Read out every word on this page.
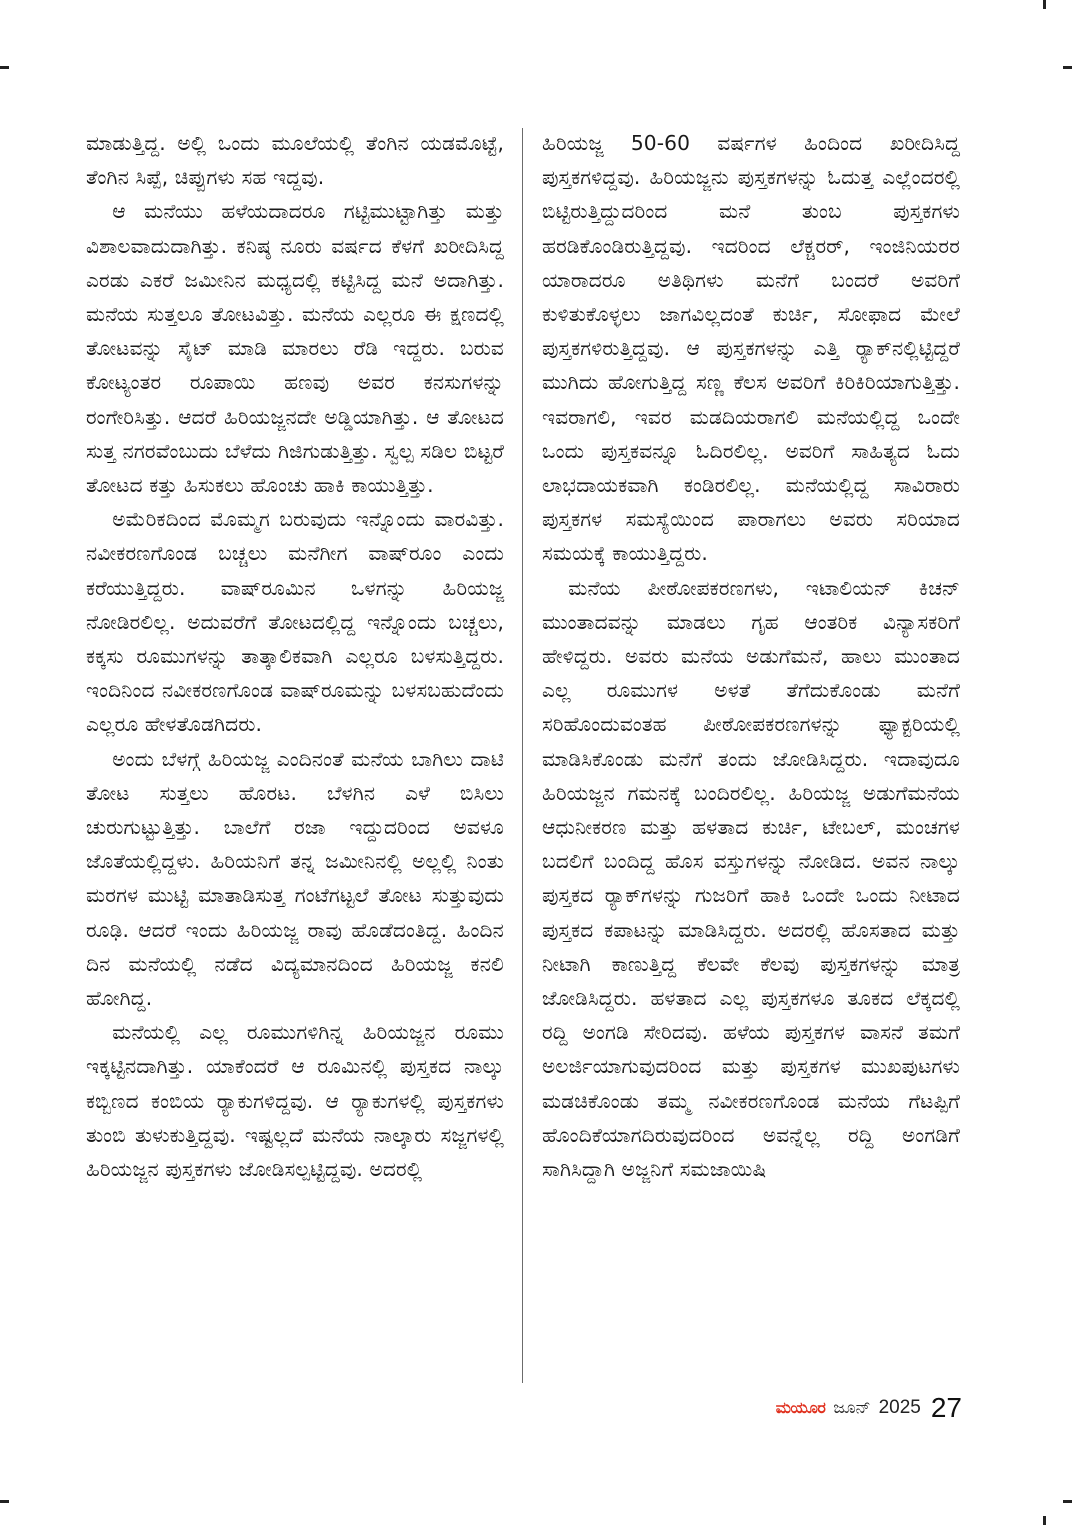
ಮಾಡುತ್ತಿದ್ದ. ಅಲ್ಲಿ ಒಂದು ಮೂಲೆಯಲ್ಲಿ ತೆಂಗಿನ ಯಡಮೊಟ್ಟೆ, ತೆಂಗಿನ ಸಿಪ್ಪೆ, ಚಿಪ್ಪುಗಳು ಸಹ ಇದ್ದವು.

ಆ ಮನೆಯು ಹಳೆಯದಾದರೂ ಗಟ್ಟಿಮುಟ್ಟಾಗಿತ್ತು ಮತ್ತು ವಿಶಾಲವಾದುದಾಗಿತ್ತು. ಕನಿಷ್ಠ ನೂರು ವರ್ಷದ ಕೆಳಗೆ ಖರೀದಿಸಿದ್ದ ಎರಡು ಎಕರೆ ಜಮೀನಿನ ಮಧ್ಯದಲ್ಲಿ ಕಟ್ಟಿಸಿದ್ದ ಮನೆ ಅದಾಗಿತ್ತು. ಮನೆಯ ಸುತ್ತಲೂ ತೋಟವಿತ್ತು. ಮನೆಯ ಎಲ್ಲರೂ ಈ ಕ್ಷಣದಲ್ಲಿ ತೋಟವನ್ನು ಸೈಟ್ ಮಾಡಿ ಮಾರಲು ರೆಡಿ ಇದ್ದರು. ಬರುವ ಕೋಟ್ಯಂತರ ರೂಪಾಯಿ ಹಣವು ಅವರ ಕನಸುಗಳನ್ನು ರಂಗೇರಿಸಿತ್ತು. ಆದರೆ ಹಿರಿಯಜ್ಜನದೇ ಅಡ್ಡಿಯಾಗಿತ್ತು. ಆ ತೋಟದ ಸುತ್ತ ನಗರವೆಂಬುದು ಬೆಳೆದು ಗಿಜಿಗುಡುತ್ತಿತ್ತು. ಸ್ವಲ್ಪ ಸಡಿಲ ಬಿಟ್ಟರೆ ತೋಟದ ಕತ್ತು ಹಿಸುಕಲು ಹೊಂಚು ಹಾಕಿ ಕಾಯುತ್ತಿತ್ತು.

ಅಮೆರಿಕದಿಂದ ಮೊಮ್ಮಗ ಬರುವುದು ಇನ್ನೊಂದು ವಾರವಿತ್ತು. ನವೀಕರಣಗೊಂಡ ಬಚ್ಚಲು ಮನೆಗೀಗ ವಾಷ್‌ರೂಂ ಎಂದು ಕರೆಯುತ್ತಿದ್ದರು. ವಾಷ್‌ರೂಮಿನ ಒಳಗನ್ನು ಹಿರಿಯಜ್ಜ ನೋಡಿರಲಿಲ್ಲ. ಅದುವರೆಗೆ ತೋಟದಲ್ಲಿದ್ದ ಇನ್ನೊಂದು ಬಚ್ಚಲು, ಕಕ್ಕಸು ರೂಮುಗಳನ್ನು ತಾತ್ಕಾಲಿಕವಾಗಿ ಎಲ್ಲರೂ ಬಳಸುತ್ತಿದ್ದರು. ಇಂದಿನಿಂದ ನವೀಕರಣಗೊಂಡ ವಾಷ್‌ರೂಮನ್ನು ಬಳಸಬಹುದೆಂದು ಎಲ್ಲರೂ ಹೇಳತೊಡಗಿದರು.

ಅಂದು ಬೆಳಗ್ಗೆ ಹಿರಿಯಜ್ಜ ಎಂದಿನಂತೆ ಮನೆಯ ಬಾಗಿಲು ದಾಟಿ ತೋಟ ಸುತ್ತಲು ಹೊರಟ. ಬೆಳಗಿನ ಎಳೆ ಬಿಸಿಲು ಚುರುಗುಟ್ಟುತ್ತಿತ್ತು. ಬಾಲೆಗೆ ರಜಾ ಇದ್ದುದರಿಂದ ಅವಳೂ ಜೊತೆಯಲ್ಲಿದ್ದಳು. ಹಿರಿಯನಿಗೆ ತನ್ನ ಜಮೀನಿನಲ್ಲಿ ಅಲ್ಲಲ್ಲಿ ನಿಂತು ಮರಗಳ ಮುಟ್ಟಿ ಮಾತಾಡಿಸುತ್ತ ಗಂಟೆಗಟ್ಟಲೆ ತೋಟ ಸುತ್ತುವುದು ರೂಢಿ. ಆದರೆ ಇಂದು ಹಿರಿಯಜ್ಜ ರಾವು ಹೊಡೆದಂತಿದ್ದ. ಹಿಂದಿನ ದಿನ ಮನೆಯಲ್ಲಿ ನಡೆದ ವಿದ್ಯಮಾನದಿಂದ ಹಿರಿಯಜ್ಜ ಕನಲಿ ಹೋಗಿದ್ದ.

ಮನೆಯಲ್ಲಿ ಎಲ್ಲ ರೂಮುಗಳಿಗಿನ್ನ ಹಿರಿಯಜ್ಜನ ರೂಮು ಇಕ್ಕಟ್ಟಿನದಾಗಿತ್ತು. ಯಾಕೆಂದರೆ ಆ ರೂಮಿನಲ್ಲಿ ಪುಸ್ತಕದ ನಾಲ್ಕು ಕಬ್ಬಿಣದ ಕಂಬಿಯ ರ್‍ಯಾಕುಗಳಿದ್ದವು. ಆ ರ್‍ಯಾಕುಗಳಲ್ಲಿ ಪುಸ್ತಕಗಳು ತುಂಬಿ ತುಳುಕುತ್ತಿದ್ದವು. ಇಷ್ಟಲ್ಲದೆ ಮನೆಯ ನಾಲ್ಕಾರು ಸಜ್ಜಗಳಲ್ಲಿ ಹಿರಿಯಜ್ಜನ ಪುಸ್ತಕಗಳು ಜೋಡಿಸಲ್ಪಟ್ಟಿದ್ದವು. ಅದರಲ್ಲಿ

ಹಿರಿಯಜ್ಜ 50-60 ವರ್ಷಗಳ ಹಿಂದಿಂದ ಖರೀದಿಸಿದ್ದ ಪುಸ್ತಕಗಳಿದ್ದವು. ಹಿರಿಯಜ್ಜನು ಪುಸ್ತಕಗಳನ್ನು ಓದುತ್ತ ಎಲ್ಲೆಂದರಲ್ಲಿ ಬಿಟ್ಟಿರುತ್ತಿದ್ದುದರಿಂದ ಮನೆ ತುಂಬ ಪುಸ್ತಕಗಳು ಹರಡಿಕೊಂಡಿರುತ್ತಿದ್ದವು. ಇದರಿಂದ ಲೆಕ್ಚರರ್, ಇಂಜಿನಿಯರರ ಯಾರಾದರೂ ಅತಿಥಿಗಳು ಮನೆಗೆ ಬಂದರೆ ಅವರಿಗೆ ಕುಳಿತುಕೊಳ್ಳಲು ಜಾಗವಿಲ್ಲದಂತೆ ಕುರ್ಚಿ, ಸೋಫಾದ ಮೇಲೆ ಪುಸ್ತಕಗಳಿರುತ್ತಿದ್ದವು. ಆ ಪುಸ್ತಕಗಳನ್ನು ಎತ್ತಿ ರ್‍ಯಾಕ್‌ನಲ್ಲಿಟ್ಟಿದ್ದರೆ ಮುಗಿದು ಹೋಗುತ್ತಿದ್ದ ಸಣ್ಣ ಕೆಲಸ ಅವರಿಗೆ ಕಿರಿಕಿರಿಯಾಗುತ್ತಿತ್ತು. ಇವರಾಗಲಿ, ಇವರ ಮಡದಿಯರಾಗಲಿ ಮನೆಯಲ್ಲಿದ್ದ ಒಂದೇ ಒಂದು ಪುಸ್ತಕವನ್ನೂ ಓದಿರಲಿಲ್ಲ. ಅವರಿಗೆ ಸಾಹಿತ್ಯದ ಓದು ಲಾಭದಾಯಕವಾಗಿ ಕಂಡಿರಲಿಲ್ಲ. ಮನೆಯಲ್ಲಿದ್ದ ಸಾವಿರಾರು ಪುಸ್ತಕಗಳ ಸಮಸ್ಯೆಯಿಂದ ಪಾರಾಗಲು ಅವರು ಸರಿಯಾದ ಸಮಯಕ್ಕೆ ಕಾಯುತ್ತಿದ್ದರು.

ಮನೆಯ ಪೀಠೋಪಕರಣಗಳು, ಇಟಾಲಿಯನ್ ಕಿಚನ್ ಮುಂತಾದವನ್ನು ಮಾಡಲು ಗೃಹ ಆಂತರಿಕ ವಿನ್ಯಾಸಕರಿಗೆ ಹೇಳಿದ್ದರು. ಅವರು ಮನೆಯ ಅಡುಗೆಮನೆ, ಹಾಲು ಮುಂತಾದ ಎಲ್ಲ ರೂಮುಗಳ ಅಳತೆ ತೆಗೆದುಕೊಂಡು ಮನೆಗೆ ಸರಿಹೊಂದುವಂತಹ ಪೀಠೋಪಕರಣಗಳನ್ನು ಫ್ಯಾಕ್ಟರಿಯಲ್ಲಿ ಮಾಡಿಸಿಕೊಂಡು ಮನೆಗೆ ತಂದು ಜೋಡಿಸಿದ್ದರು. ಇದಾವುದೂ ಹಿರಿಯಜ್ಜನ ಗಮನಕ್ಕೆ ಬಂದಿರಲಿಲ್ಲ. ಹಿರಿಯಜ್ಜ ಅಡುಗೆಮನೆಯ ಆಧುನೀಕರಣ ಮತ್ತು ಹಳತಾದ ಕುರ್ಚಿ, ಟೇಬಲ್, ಮಂಚಗಳ ಬದಲಿಗೆ ಬಂದಿದ್ದ ಹೊಸ ವಸ್ತುಗಳನ್ನು ನೋಡಿದ. ಅವನ ನಾಲ್ಕು ಪುಸ್ತಕದ ರ್‍ಯಾಕ್‌ಗಳನ್ನು ಗುಜರಿಗೆ ಹಾಕಿ ಒಂದೇ ಒಂದು ನೀಟಾದ ಪುಸ್ತಕದ ಕಪಾಟನ್ನು ಮಾಡಿಸಿದ್ದರು. ಅದರಲ್ಲಿ ಹೊಸತಾದ ಮತ್ತು ನೀಟಾಗಿ ಕಾಣುತ್ತಿದ್ದ ಕೆಲವೇ ಕೆಲವು ಪುಸ್ತಕಗಳನ್ನು ಮಾತ್ರ ಜೋಡಿಸಿದ್ದರು. ಹಳತಾದ ಎಲ್ಲ ಪುಸ್ತಕಗಳೂ ತೂಕದ ಲೆಕ್ಕದಲ್ಲಿ ರದ್ದಿ ಅಂಗಡಿ ಸೇರಿದವು. ಹಳೆಯ ಪುಸ್ತಕಗಳ ವಾಸನೆ ತಮಗೆ ಅಲರ್ಜಿಯಾಗುವುದರಿಂದ ಮತ್ತು ಪುಸ್ತಕಗಳ ಮುಖಪುಟಗಳು ಮಡಚಿಕೊಂಡು ತಮ್ಮ ನವೀಕರಣಗೊಂಡ ಮನೆಯ ಗೆಟಪ್ಪಿಗೆ ಹೊಂದಿಕೆಯಾಗದಿರುವುದರಿಂದ ಅವನ್ನೆಲ್ಲ ರದ್ದಿ ಅಂಗಡಿಗೆ ಸಾಗಿಸಿದ್ದಾಗಿ ಅಜ್ಜನಿಗೆ ಸಮಜಾಯಿಷಿ

ಮಯೂರ ಜೂನ್ 2025 27
